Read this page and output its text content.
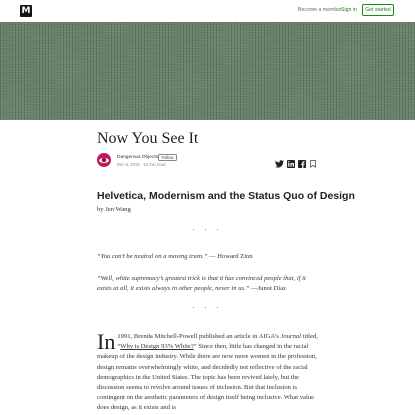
M	Become a member Sign in	Get started
Now You See It
Dangerous Objects Follow
Dec 6, 2016 · 12 min read
Helvetica, Modernism and the Status Quo of Design

by Jen Wang

· · ·

“You can’t be neutral on a moving train.” — Howard Zinn

“Well, white supremacy’s greatest trick is that it has convinced people that, if it exists at all, it exists always in other people, never in us.” —Junot Díaz

· · ·

In 1991, Brenda Mitchell-Powell published an article in AIGA’s Journal titled, “Why is Design 93% White?” Since then, little has changed in the racial makeup of the design industry. While there are now more women in the profession, design remains overwhelmingly white, and decidedly not reflective of the racial demographics in the United States. The topic has been revived lately, but the discussion seems to revolve around issues of inclusion. But that inclusion is contingent on the aesthetic parameters of design itself being inclusive. What value does design, as it exists and is
